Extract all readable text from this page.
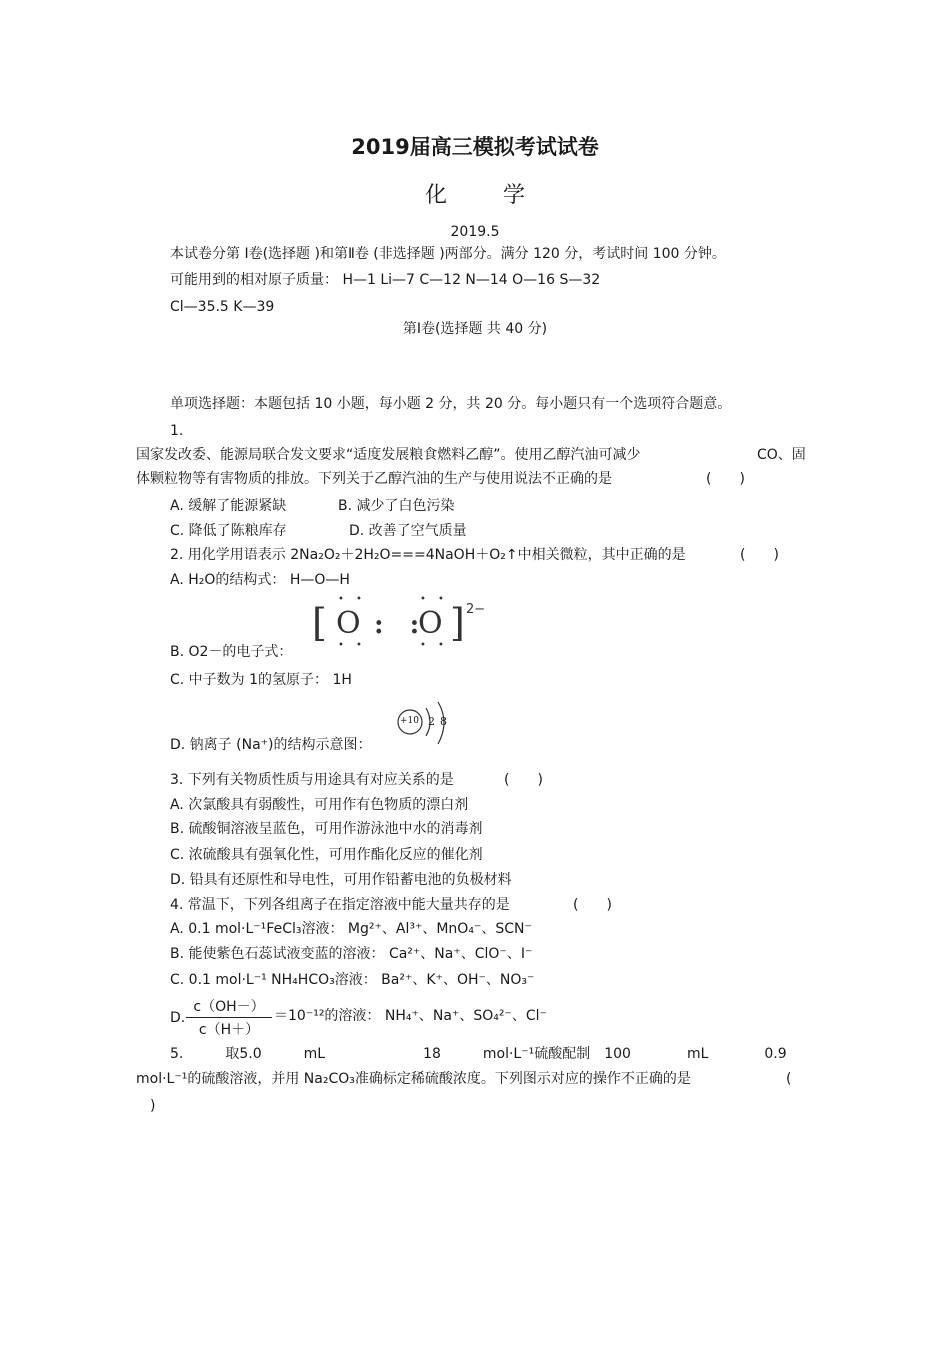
2019届高三模拟考试试卷
化学
2019.5
本试卷分第 Ⅰ卷(选择题 )和第Ⅱ卷 (非选择题 )两部分。满分 120 分，考试时间 100 分钟。
可能用到的相对原子质量： H—1 Li—7 C—12 N—14 O—16 S—32
Cl—35.5 K—39
第Ⅰ卷(选择题 共 40 分)
单项选择题：本题包括 10 小题，每小题 2 分，共 20 分。每小题只有一个选项符合题意。
1.
国家发改委、能源局联合发文要求“适度发展粮食燃料乙醇”。使用乙醇汽油可减少	CO、固
体颗粒物等有害物质的排放。下列关于乙醇汽油的生产与使用说法不正确的是	(　　)
A. 缓解了能源紧缺	B. 减少了白色污染
C. 降低了陈粮库存	D. 改善了空气质量
2. 用化学用语表示 2Na₂O₂＋2H₂O===4NaOH＋O₂↑中相关微粒，其中正确的是	(　　)
A. H₂O的结构式： H—O—H
[ O :　:
O ] 2−
• •	• •
• •	• •
B. O2－的电子式：
C. 中子数为 1的氢原子： 1H
+10 2 8
D. 钠离子 (Na⁺)的结构示意图：
3. 下列有关物质性质与用途具有对应关系的是	(　　)
A. 次氯酸具有弱酸性，可用作有色物质的漂白剂
B. 硫酸铜溶液呈蓝色，可用作游泳池中水的消毒剂
C. 浓硫酸具有强氧化性，可用作酯化反应的催化剂
D. 铅具有还原性和导电性，可用作铅蓄电池的负极材料
4. 常温下，下列各组离子在指定溶液中能大量共存的是	(　　)
A. 0.1 mol·L⁻¹FeCl₃溶液： Mg²⁺、Al³⁺、MnO₄⁻、SCN⁻
B. 能使紫色石蕊试液变蓝的溶液： Ca²⁺、Na⁺、ClO⁻、I⁻
C. 0.1 mol·L⁻¹ NH₄HCO₃溶液： Ba²⁺、K⁺、OH⁻、NO₃⁻
D.
c（OH－）
c（H＋）
＝10⁻¹²的溶液： NH₄⁺、Na⁺、SO₄²⁻、Cl⁻
5.　　　取5.0　　　mL　　　　　　　18　　　mol·L⁻¹硫酸配制　100　　　　mL　　　　0.9
mol·L⁻¹的硫酸溶液，并用 Na₂CO₃准确标定稀硫酸浓度。下列图示对应的操作不正确的是	(
)
